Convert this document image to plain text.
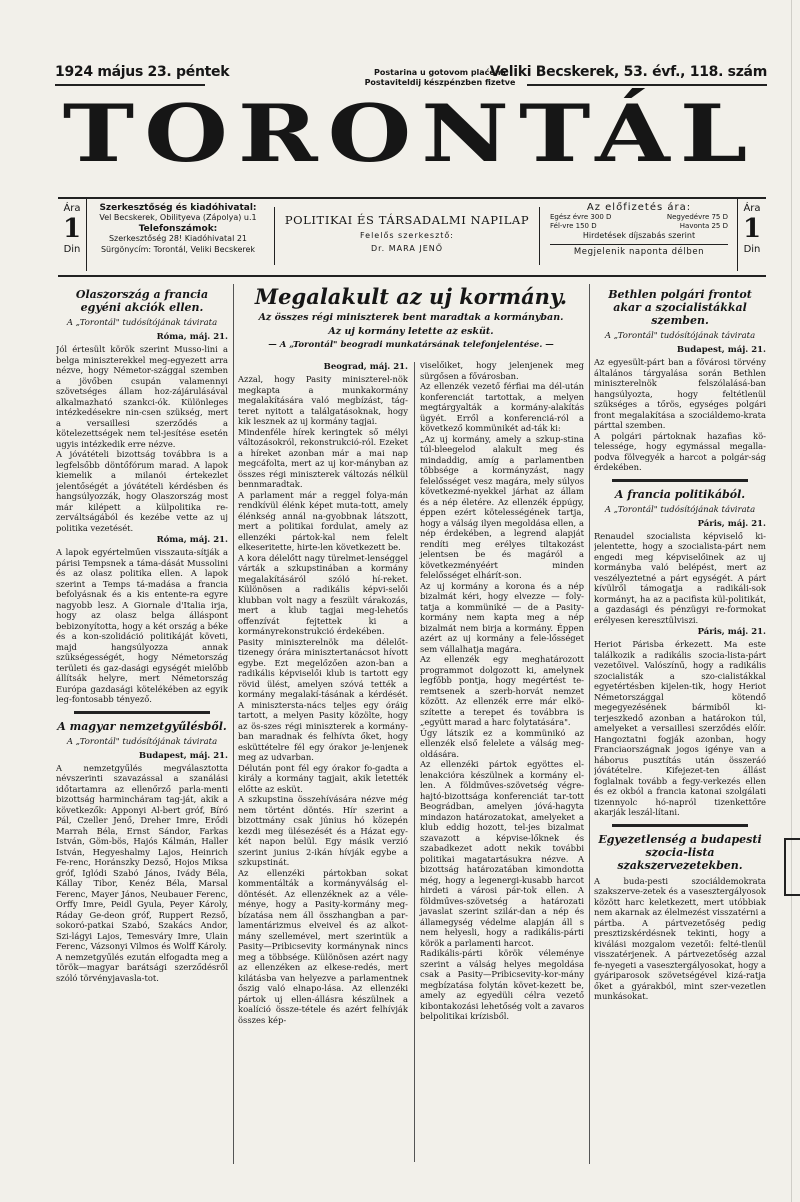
1924 május 23. péntek	Postarina u gotovom plaćena
Postaviteldij készpénzben fizetve
Veliki Becskerek, 53. évf., 118. szám
TORONTÁL
Ára
1
Din
Szerkesztőség és kiadóhivatal:
Vel Becskerek, Obilityeva (Zápolya) u.1
Telefonszámok:
Szerkesztőség 28! Kiadóhivatal 21
Sürgönycím: Torontál, Veliki Becskerek
POLITIKAI ÉS TÁRSADALMI NAPILAP
Felelős szerkesztő:
Dr. MARA JENŐ
Az előfizetés ára:
Egész évre 300 D	Negyedévre 75 D
Fél-vre 150 D	Havonta 25 D
Hirdetések díjszabás szerint
Megjelenik naponta délben
Ára
1
Din
Olaszország a francia egyéni akciók ellen.
A „Torontál" tudósítójának távirata
Róma, máj. 21.

Jól értesült körök szerint Musso-lini a belga miniszterekkel meg-egyezett arra nézve, hogy Németor-szággal szemben a jövőben csupán valamennyi szövetséges állam hoz-zájárulásával alkalmazható szankci-ók. Különleges intézkedésekre nin-csen szükség, mert a versaillesi szerződés a kötelezettségek nem tel-jesítése esetén ugyis intézkedik erre nézve.

A jóvátételi bizottság továbbra is a legfelsőbb döntőfórum marad. A lapok kiemelik a milanói értekezlet jelentőségét a jóvátételi kérdésben és hangsúlyozzák, hogy Olaszország most már kilépett a külpolitika re-zerváltságából és kezébe vette az uj politika vezetését.

Róma, máj. 21.

A lapok egyértelműen visszauta-sítják a párisi Tempsnek a táma-dását Mussolini és az olasz politika ellen. A lapok szerint a Temps tá-madása a francia befolyásnak és a kis entente-ra egyre nagyobb lesz. A Giornale d'Italia irja, hogy az olasz belga álláspont bebizonyította, hogy a két ország a béke és a kon-szolidáció politikáját követi, majd hangsúlyozza annak szükségességét, hogy Németország területi és gaz-dasági egységét mielőbb állítsák helyre, mert Németország Európa gazdasági kötelékében az egyik leg-fontosabb tényező.

A magyar nemzetgyűlésből.
A „Torontál" tudósítójának távirata
Budapest, máj. 21.

A nemzetgyűlés megválasztotta névszerinti szavazással a szanálási időtartamra az ellenőrző parla-menti bizottság harmincháram tag-ját, akik a következők: Apponyi Al-bert gróf, Bíró Pál, Czeller Jenő, Dreher Imre, Erődi Marrah Béla, Ernst Sándor, Farkas István, Göm-bös, Hajós Kálmán, Haller István, Hegyeshalmy Lajos, Heinrich Fe-renc, Horánszky Dezső, Hojos Miksa gróf, Iglódi Szabó János, Ivády Béla, Kállay Tibor, Kenéz Béla, Marsal Ferenc, Mayer János, Neubauer Ferenc, Orffy Imre, Peidl Gyula, Peyer Károly, Ráday Ge-deon gróf, Ruppert Rezső, sokoró-patkai Szabó, Szakács Andor, Szi-lágyi Lajos, Temesváry Imre, Ulain Ferenc, Vázsonyi Vilmos és Wolff Károly.

A nemzetgyűlés ezután elfogadta meg a török—magyar barátsági szerződésről szóló törvényjavasla-tot.

Megalakult az uj kormány.
Az összes régi miniszterek bent maradtak a kormányban.
Az uj kormány letette az esküt.
— A „Torontál" beogradi munkatársának telefonjelentése. —
Beograd, máj. 21.

Azzal, hogy Pasity miniszterel-nök megkapta a munkakormány megalakítására való megbízást, tág-teret nyitott a találgatásoknak, hogy kik lesznek az uj kormány tagjai.

Mindenféle hírek keringtek ső mélyi változásokról, rekonstrukció-ról. Ezeket a híreket azonban már a mai nap megcáfolta, mert az uj kor-mányban az összes régi miniszterek változás nélkül bennmaradtak.

A parlament már a reggel folya-mán rendkívül élénk képet muta-tott, amely élénkség annál na-gyobbnak látszott, mert a politikai fordulat, amely az ellenzéki pártok-kal nem felelt elkeseritette, hirte-len következett be.

A kora délelőtt nagy türelmet-lenséggel várták a szkupstinában a kormány megalakításáról szóló hí-reket. Különösen a radikális képvi-selői klubban volt nagy a feszült várakozás, mert a klub tagjai meg-lehetős offenzívát fejtettek ki a kormányrekonstrukció érdekében.

Pasity miniszterelnök ma délelőt-tizenegy órára minisztertanácsot hívott egybe. Ezt megelőzően azon-ban a radikális képviselői klub is tartott egy rövid ülést, amelyen szóvá tették a kormány megalakí-tásának a kérdését. A minisztersta-nács teljes egy óráig tartott, a melyen Pasity közölte, hogy az ös-szes régi miniszterek a kormány-ban maradnak és felhívta őket, hogy esküttételre fél egy órakor je-lenjenek meg az udvarban.

Délután pont fél egy órakor fo-gadta a király a kormány tagjait, akik letették előtte az esküt.

A szkupstina összehívására nézve még nem történt döntés. Hír szerint a bizottmány csak június hó közepén kezdi meg ülésezését és a Házat egy-két napon belül. Egy másik verzió szerint junius 2-ikán hívják egybe a szkupstinát.

Az ellenzéki pártokban sokat kommentálták a kormányválság el-döntését. Az ellenzéknek az a véle-ménye, hogy a Pasity-kormány meg-bízatása nem áll összhangban a par-lamentárizmus elveivel és az alkot-mány szellemével, mert szerintük a Pasity—Pribicsevity kormánynak nincs meg a többsége. Különösen azért nagy az ellenzéken az elkese-redés, mert kilátásba van helyezve a parlamentnek őszig való elnapo-lása. Az ellenzéki pártok uj ellen-állásra készülnek a koalíció össze-tétele és azért felhívják összes kép-

viselőiket, hogy jelenjenek meg sürgősen a fővárosban.

Az ellenzék vezető férfiai ma dél-után konferenciát tartottak, a melyen megtárgyalták a kormány-alakítás ügyét. Erről a konferenciá-ról a következő kommünikét ad-ták ki:

„Az uj kormány, amely a szkup-stina túl-bleegelod alakult meg és mindaddig, amíg a parlamentben többsége a kormányzást, nagy felelősséget vesz magára, mely súlyos következmé-nyekkel járhat az állam és a nép életére. Az ellenzék éppúgy, éppen ezért kötelességének tartja, hogy a válság ilyen megoldása ellen, a nép érdekében, a legrend alapját rendíti meg erélyes tiltakozást jelentsen be és magáról a következményéért minden felelősséget elhárít-son.

Az uj kormány a korona és a nép bizalmát kéri, hogy elvezze — foly-tatja a kommüniké — de a Pasity-kormány nem kapta meg a nép bizalmát nem birja a kormány. Éppen azért az uj kormány a fele-lősséget sem vállalhatja magára.

Az ellenzék egy meghatározott programmot dolgozott ki, amelynek legfőbb pontja, hogy megértést te-remtsenek a szerb-horvát nemzet között. Az ellenzék erre már elkö-szítette a terepet és továbbra is „együtt marad a harc folytatására".

Úgy látszik ez a kommünikó az ellenzék első felelete a válság meg-oldására.

Az ellenzéki pártok egyöttes el-lenakcióra készülnek a kormány el-len. A földműves-szövetség végre-hajtó-bizottsága konferenciát tar-tott Beográdban, amelyen jóvá-hagyta mindazon határozatokat, amelyeket a klub eddig hozott, tel-jes bizalmat szavazott a képvise-lőknek és szabadkezet adott nekik további politikai magatartásukra nézve. A bizottság határozatában kimondotta még, hogy a legenergi-kusabb harcot hirdeti a városi pár-tok ellen. A földműves-szövetség a határozati javaslat szerint szilár-dan a nép és államegység védelme alapján áll s nem helyesli, hogy a radikális-párti körök a parlamenti harcot.

Radikális-párti körök véleménye szerint a válság helyes megoldása csak a Pasity—Pribicsevity-kor-mány megbízatása folytán követ-kezett be, amely az egyedüli célra vezető kibontakozási lehetőség volt a zavaros belpolitikai krízisből.

Bethlen polgári frontot akar a szocialistákkal szemben.
A „Torontál" tudósítójának távirata
Budapest, máj. 21.

Az egyesült-párt ban a fővárosi törvény általános tárgyalása során Bethlen miniszterelnök felszólalásá-ban hangsúlyozta, hogy feltétlenül szükséges a tőrös, egységes polgári front megalakítása a szociáldemo-krata párttal szemben.

A polgári pártoknak hazafias kö-telessége, hogy egymással megalla-podva fölvegyék a harcot a polgár-ság érdekében.

A francia politikából.
A „Torontál" tudósítójának távirata
Páris, máj. 21.

Renaudel szocialista képviselő ki-jelentette, hogy a szocialista-párt nem engedi meg képviselőinek az uj kormányba való belépést, mert az veszélyeztetné a párt egységét. A párt kívülről támogatja a radikáli-sok kormányt, ha az a pacifista kül-politikát, a gazdasági és pénzügyi re-formokat erélyesen keresztülviszi.

Páris, máj. 21.

Heriot Párisba érkezett. Ma este találkozik a radikális szocia-lista-párt vezetőivel. Valószínű, hogy a radikális szocialisták a szo-cialistákkal egyetértésben kijelen-tik, hogy Heriot Németországgal kötendő megegyezésének bármiből ki-terjeszkedő azonban a határokon túl, amelyeket a versaillesi szerződés előír. Hangoztatni fogják azonban, hogy Franciaországnak jogos igénye van a háborus pusztítás után összeráó jóvátételre. Kifejezet-ten állást foglalnak tovább a fegy-verkezés ellen és ez okból a francia katonai szolgálati tizennyolc hó-napról tizenkettőre akarják leszál-lítani.

Egyezetlenség a budapesti szocia-lista szakszervezetekben.

A buda-pesti szociáldemokrata szakszerve-zetek és a vasesztergályosok között harc keletkezett, mert utóbbiak nem akarnak az élelmezést visszatérni a pártba. A pártvezetőség pedig presztizskérdésnek tekinti, hogy a kiválási mozgalom vezetői: felté-tlenül visszatérjenek. A pártvezetőség azzal fe-nyegeti a vasesztergályosokat, hogy a gyáriparosok szövetségével kizá-ratja őket a gyárakból, mint szer-vezetlen munkásokat.
